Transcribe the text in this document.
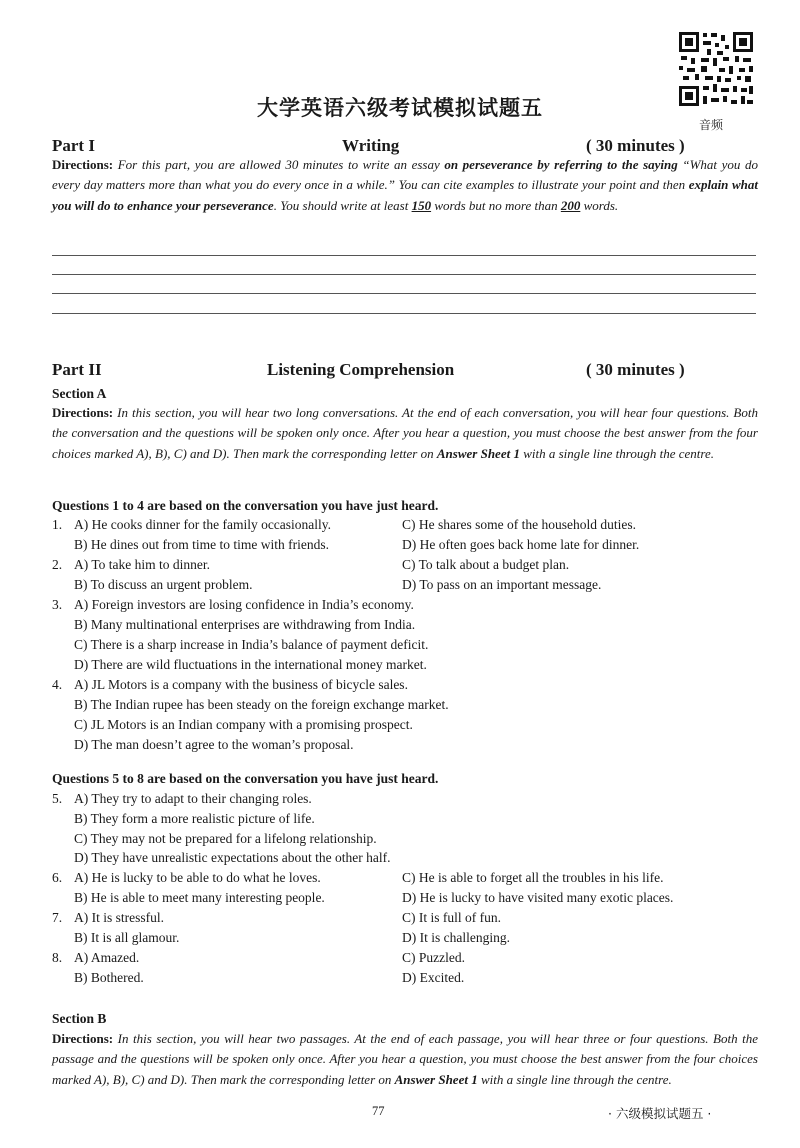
大学英语六级考试模拟试题五
音频
Part I	Writing	( 30 minutes )
Directions: For this part, you are allowed 30 minutes to write an essay on perseverance by referring to the saying “What you do every day matters more than what you do every once in a while.” You can cite examples to illustrate your point and then explain what you will do to enhance your perseverance. You should write at least 150 words but no more than 200 words.
Part II	Listening Comprehension	( 30 minutes )
Section A
Directions: In this section, you will hear two long conversations. At the end of each conversation, you will hear four questions. Both the conversation and the questions will be spoken only once. After you hear a question, you must choose the best answer from the four choices marked A), B), C) and D). Then mark the corresponding letter on Answer Sheet 1 with a single line through the centre.
Questions 1 to 4 are based on the conversation you have just heard.
1. A) He cooks dinner for the family occasionally.	C) He shares some of the household duties.
B) He dines out from time to time with friends.	D) He often goes back home late for dinner.
2. A) To take him to dinner.	C) To talk about a budget plan.
B) To discuss an urgent problem.	D) To pass on an important message.
3. A) Foreign investors are losing confidence in India’s economy.
B) Many multinational enterprises are withdrawing from India.
C) There is a sharp increase in India’s balance of payment deficit.
D) There are wild fluctuations in the international money market.
4. A) JL Motors is a company with the business of bicycle sales.
B) The Indian rupee has been steady on the foreign exchange market.
C) JL Motors is an Indian company with a promising prospect.
D) The man doesn’t agree to the woman’s proposal.
Questions 5 to 8 are based on the conversation you have just heard.
5. A) They try to adapt to their changing roles.
B) They form a more realistic picture of life.
C) They may not be prepared for a lifelong relationship.
D) They have unrealistic expectations about the other half.
6. A) He is lucky to be able to do what he loves.	C) He is able to forget all the troubles in his life.
B) He is able to meet many interesting people.	D) He is lucky to have visited many exotic places.
7. A) It is stressful.	C) It is full of fun.
B) It is all glamour.	D) It is challenging.
8. A) Amazed.	C) Puzzled.
B) Bothered.	D) Excited.
Section B
Directions: In this section, you will hear two passages. At the end of each passage, you will hear three or four questions. Both the passage and the questions will be spoken only once. After you hear a question, you must choose the best answer from the four choices marked A), B), C) and D). Then mark the corresponding letter on Answer Sheet 1 with a single line through the centre.
77	· 六级模拟试题五 ·
